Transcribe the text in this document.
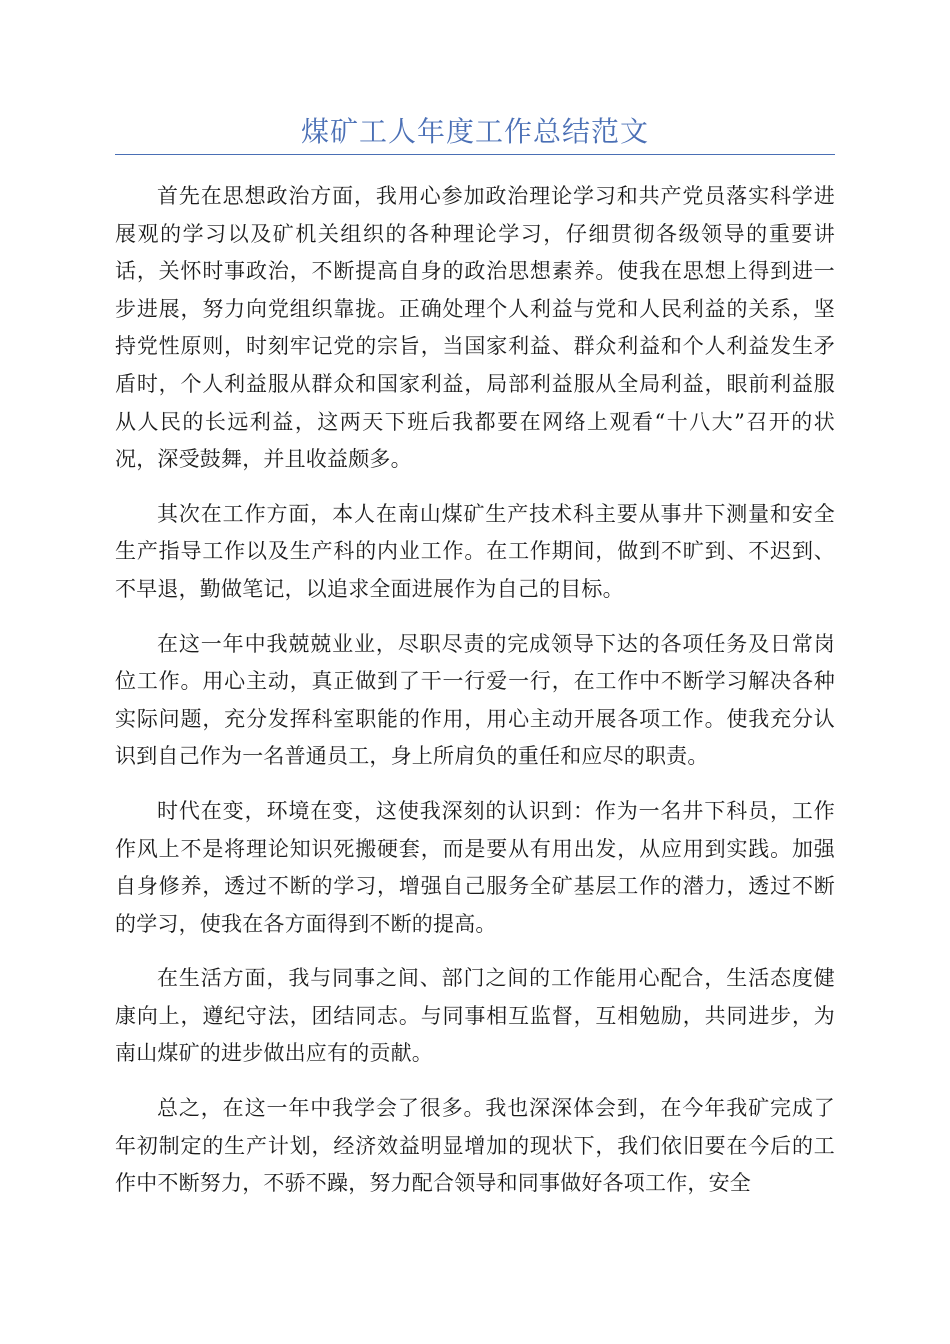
煤矿工人年度工作总结范文

首先在思想政治方面，我用心参加政治理论学习和共产党员落实科学进展观的学习以及矿机关组织的各种理论学习，仔细贯彻各级领导的重要讲话，关怀时事政治，不断提高自身的政治思想素养。使我在思想上得到进一步进展，努力向党组织靠拢。正确处理个人利益与党和人民利益的关系，坚持党性原则，时刻牢记党的宗旨，当国家利益、群众利益和个人利益发生矛盾时，个人利益服从群众和国家利益，局部利益服从全局利益，眼前利益服从人民的长远利益，这两天下班后我都要在网络上观看“十八大”召开的状况，深受鼓舞，并且收益颇多。

其次在工作方面，本人在南山煤矿生产技术科主要从事井下测量和安全生产指导工作以及生产科的内业工作。在工作期间，做到不旷到、不迟到、不早退，勤做笔记，以追求全面进展作为自己的目标。

在这一年中我兢兢业业，尽职尽责的完成领导下达的各项任务及日常岗位工作。用心主动，真正做到了干一行爱一行，在工作中不断学习解决各种实际问题，充分发挥科室职能的作用，用心主动开展各项工作。使我充分认识到自己作为一名普通员工，身上所肩负的重任和应尽的职责。

时代在变，环境在变，这使我深刻的认识到：作为一名井下科员，工作作风上不是将理论知识死搬硬套，而是要从有用出发，从应用到实践。加强自身修养，透过不断的学习，增强自己服务全矿基层工作的潜力，透过不断的学习，使我在各方面得到不断的提高。

在生活方面，我与同事之间、部门之间的工作能用心配合，生活态度健康向上，遵纪守法，团结同志。与同事相互监督，互相勉励，共同进步，为南山煤矿的进步做出应有的贡献。

总之，在这一年中我学会了很多。我也深深体会到，在今年我矿完成了年初制定的生产计划，经济效益明显增加的现状下，我们依旧要在今后的工作中不断努力，不骄不躁，努力配合领导和同事做好各项工作，安全
